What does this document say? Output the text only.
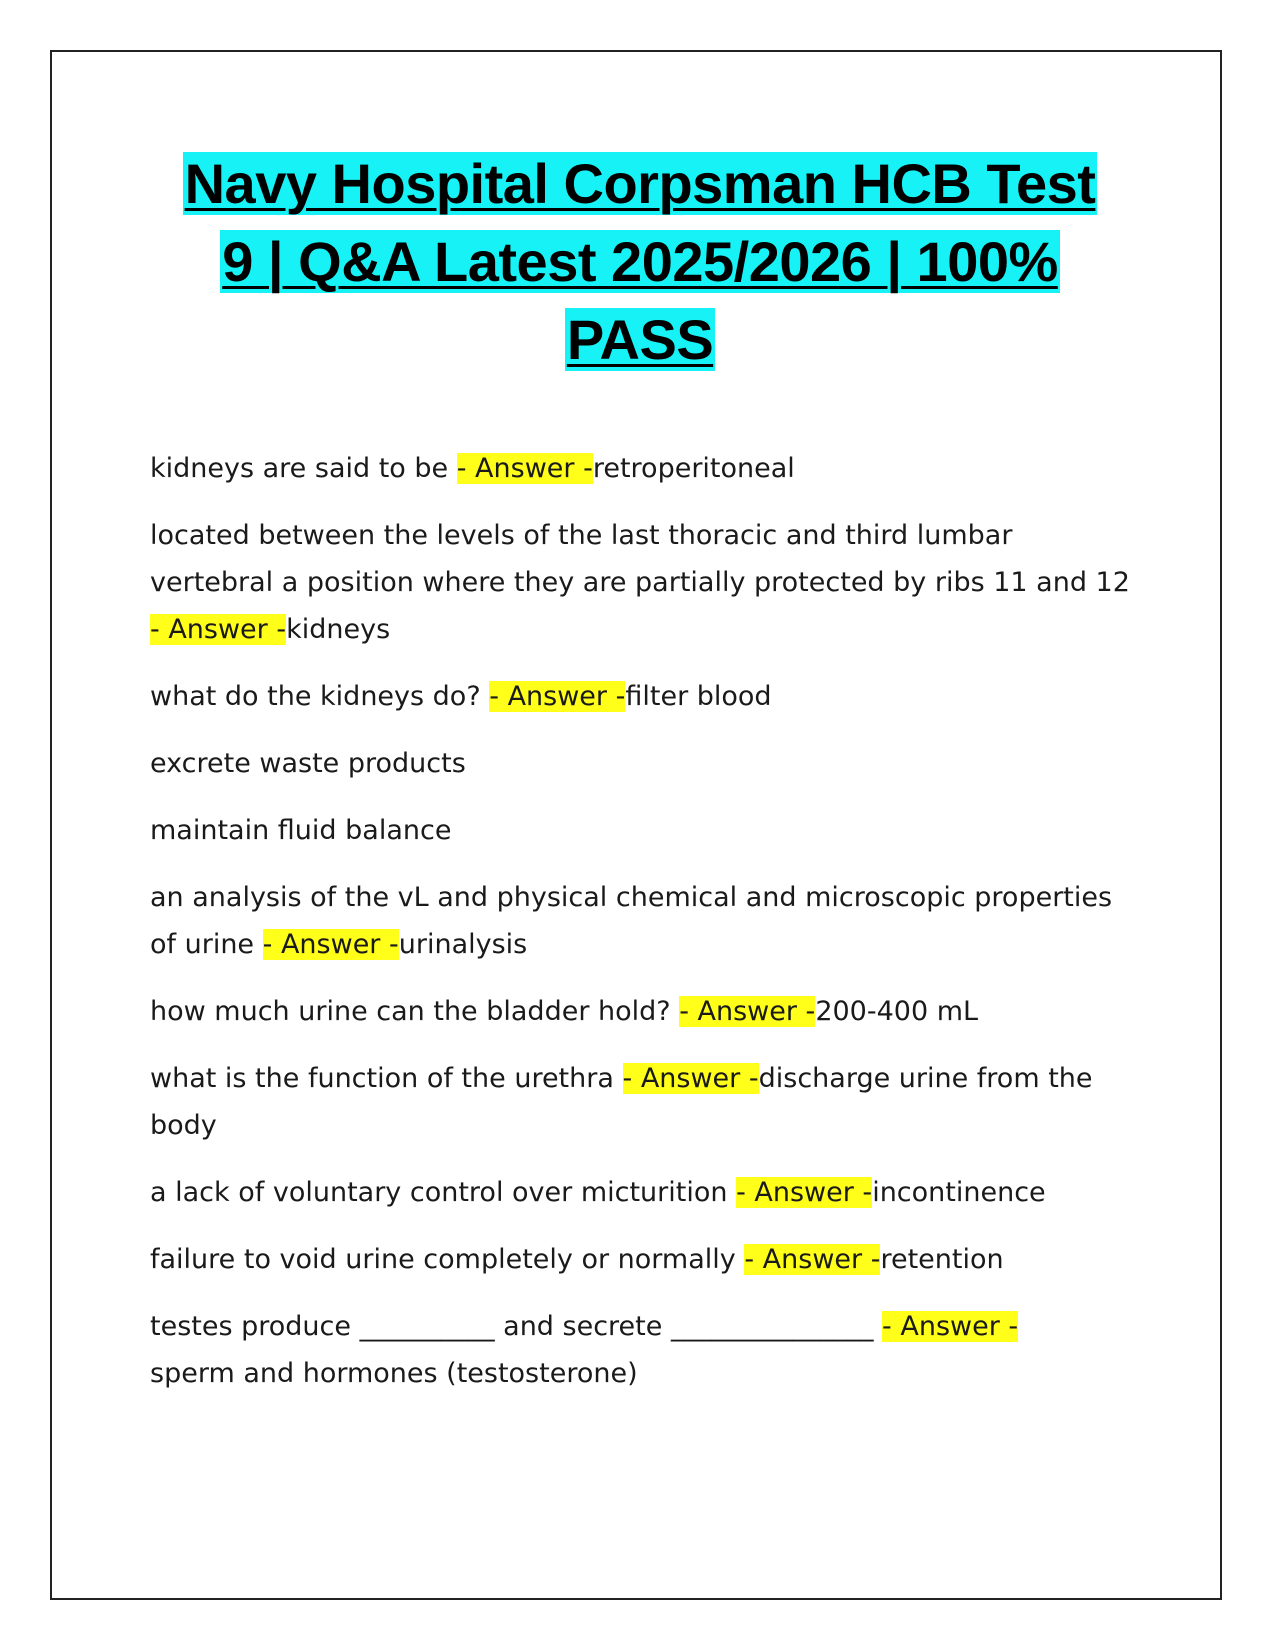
Navy Hospital Corpsman HCB Test
9 | Q&A Latest 2025/2026 | 100%
PASS
kidneys are said to be - Answer -retroperitoneal
located between the levels of the last thoracic and third lumbar vertebral a position where they are partially protected by ribs 11 and 12 - Answer -kidneys
what do the kidneys do? - Answer -filter blood
excrete waste products
maintain fluid balance
an analysis of the vL and physical chemical and microscopic properties of urine - Answer -urinalysis
how much urine can the bladder hold? - Answer -200-400 mL
what is the function of the urethra - Answer -discharge urine from the body
a lack of voluntary control over micturition - Answer -incontinence
failure to void urine completely or normally - Answer -retention
testes produce __________ and secrete _______________ - Answer -
sperm and hormones (testosterone)
